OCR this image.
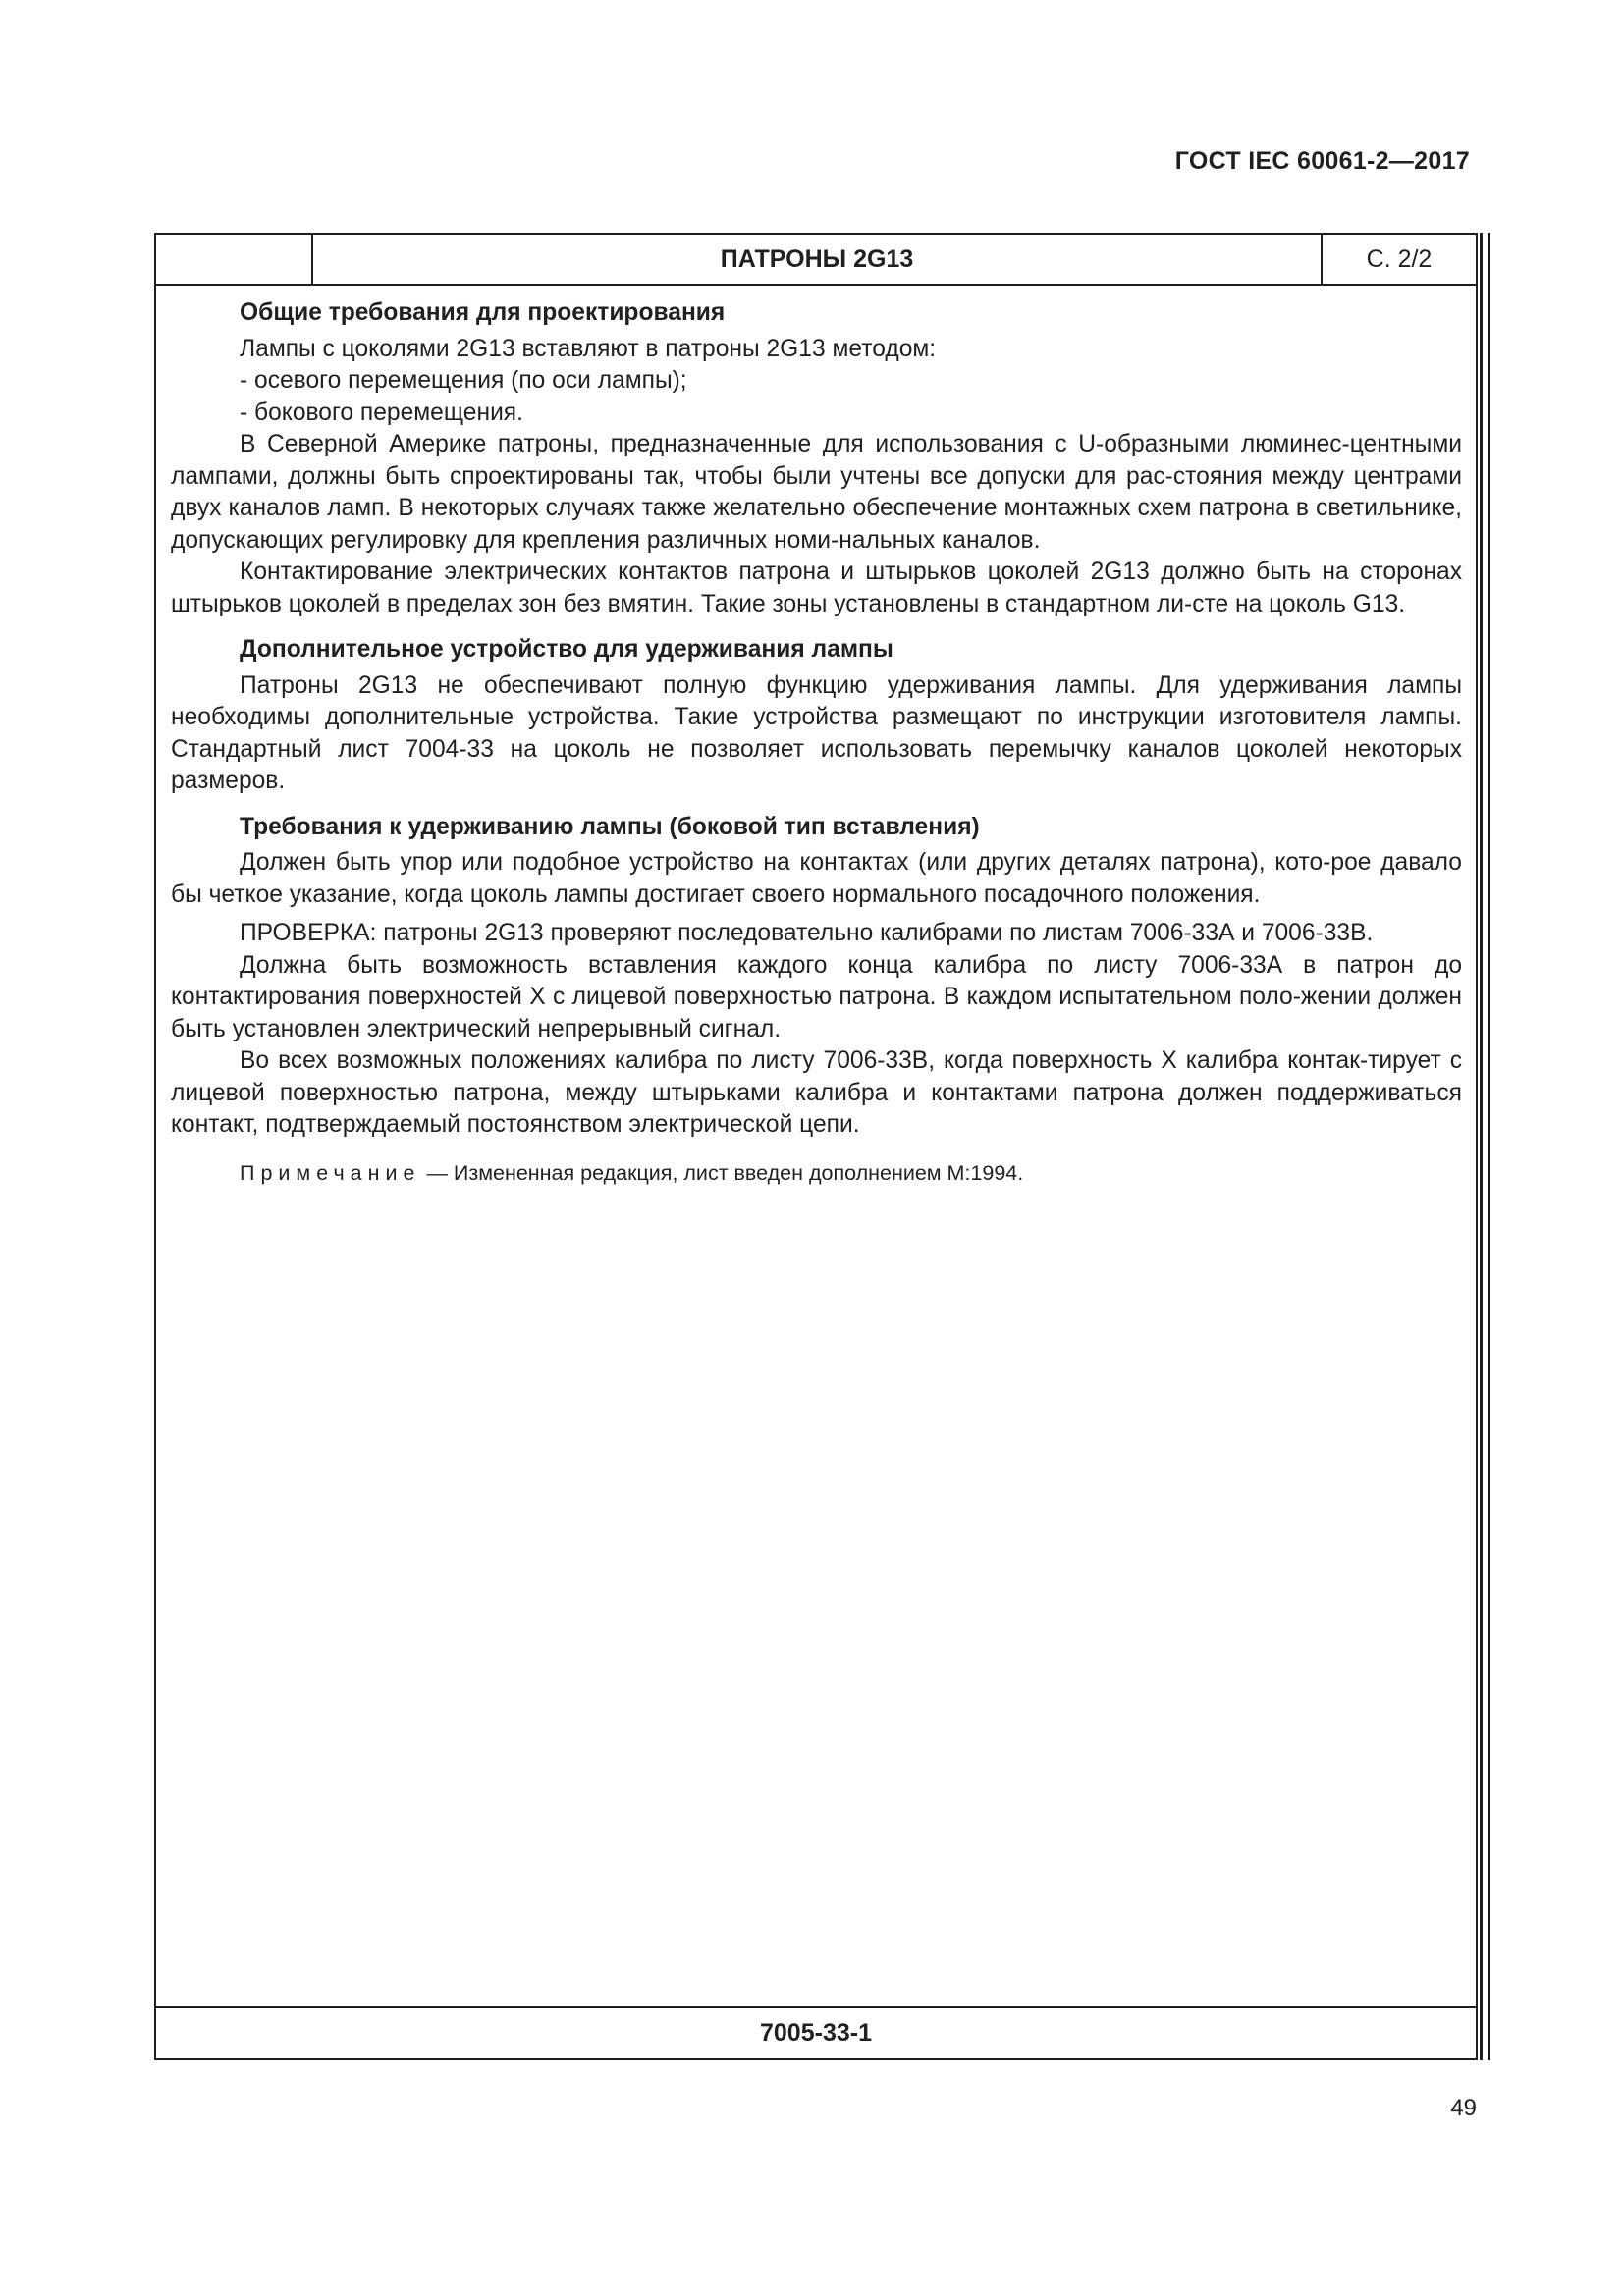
ГОСТ IEC 60061-2—2017
ПАТРОНЫ 2G13	С. 2/2

Общие требования для проектирования

Лампы с цоколями 2G13 вставляют в патроны 2G13 методом:

- осевого перемещения (по оси лампы);

- бокового перемещения.

В Северной Америке патроны, предназначенные для использования с U-образными люминес-центными лампами, должны быть спроектированы так, чтобы были учтены все допуски для рас-стояния между центрами двух каналов ламп. В некоторых случаях также желательно обеспечение монтажных схем патрона в светильнике, допускающих регулировку для крепления различных номи-нальных каналов.

Контактирование электрических контактов патрона и штырьков цоколей 2G13 должно быть на сторонах штырьков цоколей в пределах зон без вмятин. Такие зоны установлены в стандартном ли-сте на цоколь G13.

Дополнительное устройство для удерживания лампы

Патроны 2G13 не обеспечивают полную функцию удерживания лампы. Для удерживания лампы необходимы дополнительные устройства. Такие устройства размещают по инструкции изготовителя лампы. Стандартный лист 7004-33 на цоколь не позволяет использовать перемычку каналов цоколей некоторых размеров.

Требования к удерживанию лампы (боковой тип вставления)

Должен быть упор или подобное устройство на контактах (или других деталях патрона), кото-рое давало бы четкое указание, когда цоколь лампы достигает своего нормального посадочного положения.

ПРОВЕРКА: патроны 2G13 проверяют последовательно калибрами по листам 7006-33А и 7006-33В.

Должна быть возможность вставления каждого конца калибра по листу 7006-33А в патрон до контактирования поверхностей Х с лицевой поверхностью патрона. В каждом испытательном поло-жении должен быть установлен электрический непрерывный сигнал.

Во всех возможных положениях калибра по листу 7006-33В, когда поверхность Х калибра контак-тирует с лицевой поверхностью патрона, между штырьками калибра и контактами патрона должен поддерживаться контакт, подтверждаемый постоянством электрической цепи.

Примечание — Измененная редакция, лист введен дополнением М:1994.

7005-33-1
49
